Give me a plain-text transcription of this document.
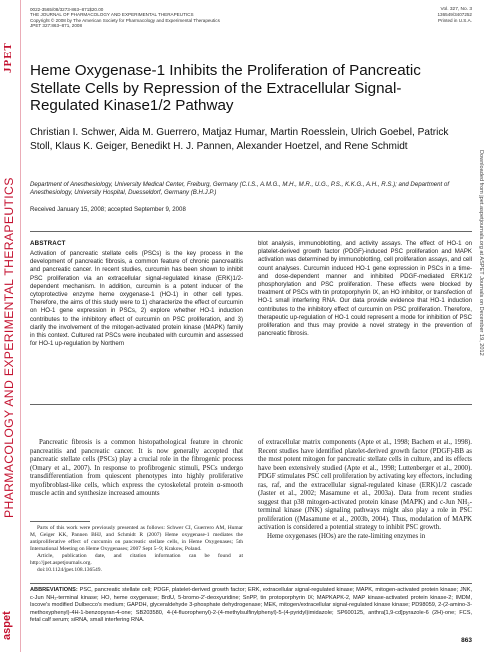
JPET
PHARMACOLOGY AND EXPERIMENTAL THERAPEUTICS
aspet
0022-3565/08/3273-863–871$20.00
THE JOURNAL OF PHARMACOLOGY AND EXPERIMENTAL THERAPEUTICS
Copyright © 2008 by The American Society for Pharmacology and Experimental Therapeutics
JPET 327:863–871, 2008
Vol. 327, No. 3
136549/3407252
Printed in U.S.A.
Heme Oxygenase-1 Inhibits the Proliferation of Pancreatic Stellate Cells by Repression of the Extracellular Signal-Regulated Kinase1/2 Pathway
Christian I. Schwer, Aida M. Guerrero, Matjaz Humar, Martin Roesslein, Ulrich Goebel, Patrick Stoll, Klaus K. Geiger, Benedikt H. J. Pannen, Alexander Hoetzel, and Rene Schmidt
Department of Anesthesiology, University Medical Center, Freiburg, Germany (C.I.S., A.M.G., M.H., M.R., U.G., P.S., K.K.G., A.H., R.S.); and Department of Anesthesiology, University Hospital, Duesseldorf, Germany (B.H.J.P.)
Received January 15, 2008; accepted September 9, 2008
ABSTRACT
Activation of pancreatic stellate cells (PSCs) is the key process in the development of pancreatic fibrosis, a common feature of chronic pancreatitis and pancreatic cancer. In recent studies, curcumin has been shown to inhibit PSC proliferation via an extracellular signal-regulated kinase (ERK)1/2-dependent mechanism. In addition, curcumin is a potent inducer of the cytoprotective enzyme heme oxygenase-1 (HO-1) in other cell types. Therefore, the aims of this study were to 1) characterize the effect of curcumin on HO-1 gene expression in PSCs, 2) explore whether HO-1 induction contributes to the inhibitory effect of curcumin on PSC proliferation, and 3) clarify the involvement of the mitogen-activated protein kinase (MAPK) family in this context. Cultured rat PSCs were incubated with curcumin and assessed for HO-1 up-regulation by Northern
blot analysis, immunoblotting, and activity assays. The effect of HO-1 on platelet-derived growth factor (PDGF)-induced PSC proliferation and MAPK activation was determined by immunoblotting, cell proliferation assays, and cell count analyses. Curcumin induced HO-1 gene expression in PSCs in a time- and dose-dependent manner and inhibited PDGF-mediated ERK1/2 phosphorylation and PSC proliferation. These effects were blocked by treatment of PSCs with tin protoporphyrin IX, an HO inhibitor, or transfection of HO-1 small interfering RNA. Our data provide evidence that HO-1 induction contributes to the inhibitory effect of curcumin on PSC proliferation. Therefore, therapeutic up-regulation of HO-1 could represent a mode for inhibition of PSC proliferation and thus may provide a novel strategy in the prevention of pancreatic fibrosis.
Pancreatic fibrosis is a common histopathological feature in chronic pancreatitis and pancreatic cancer. It is now generally accepted that pancreatic stellate cells (PSCs) play a crucial role in the fibrogenic process (Omary et al., 2007). In response to profibrogenic stimuli, PSCs undergo transdifferentiation from quiescent phenotypes into highly proliferative myofibroblast-like cells, which express the cytoskeletal protein α-smooth muscle actin and synthesize increased amounts
of extracellular matrix components (Apte et al., 1998; Bachem et al., 1998). Recent studies have identified platelet-derived growth factor (PDGF)-BB as the most potent mitogen for pancreatic stellate cells in culture, and its effects have been extensively studied (Apte et al., 1998; Luttenberger et al., 2000). PDGF stimulates PSC cell proliferation by activating key effectors, including ras, raf, and the extracellular signal-regulated kinase (ERK)1/2 cascade (Jaster et al., 2002; Masamune et al., 2003a). Data from recent studies suggest that p38 mitogen-activated protein kinase (MAPK) and c-Jun NH₂-terminal kinase (JNK) signaling pathways might also play a role in PSC proliferation ((Masamune et al., 2003b, 2004). Thus, modulation of MAPK activation is considered a potential strategy to inhibit PSC growth.
Heme oxygenases (HOs) are the rate-limiting enzymes in

Parts of this work were previously presented as follows: Schwer CI, Guerrero AM, Humar M, Geiger KK, Pannen BHJ, and Schmidt R (2007) Heme oxygenase-1 mediates the antiproliferative effect of curcumin on pancreatic stellate cells, in Heme Oxygenases; 5th International Meeting on Heme Oxygenases; 2007 Sept 5–9; Krakow, Poland.

Article, publication date, and citation information can be found at http://jpet.aspetjournals.org.

doi:10.1124/jpet.108.136549.

ABBREVIATIONS: PSC, pancreatic stellate cell; PDGF, platelet-derived growth factor; ERK, extracellular signal-regulated kinase; MAPK, mitogen-activated protein kinase; JNK, c-Jun NH₂-terminal kinase; HO, heme oxygenase; BrdU, 5-bromo-2′-deoxyuridine; SnPP, tin protoporphyrin IX; MAPKAPK-2, MAP kinase-activated protein kinase-2; IMDM, Iscove's modified Dulbecco's medium; GAPDH, glyceraldehyde 3-phosphate dehydrogenase; MEK, mitogen/extracellular signal-regulated kinase kinase; PD98059, 2-(2-amino-3-methoxyphenyl)-4H-1-benzopyran-4-one; SB203580, 4-(4-fluorophenyl)-2-(4-methylsulfinylphenyl)-5-(4-pyridyl)imidazole; SP600125, anthra[1,9-cd]pyrazole-6 (2H)-one; FCS, fetal calf serum; siRNA, small interfering RNA.
863
Downloaded from jpet.aspetjournals.org at ASPET Journals on December 19, 2012
